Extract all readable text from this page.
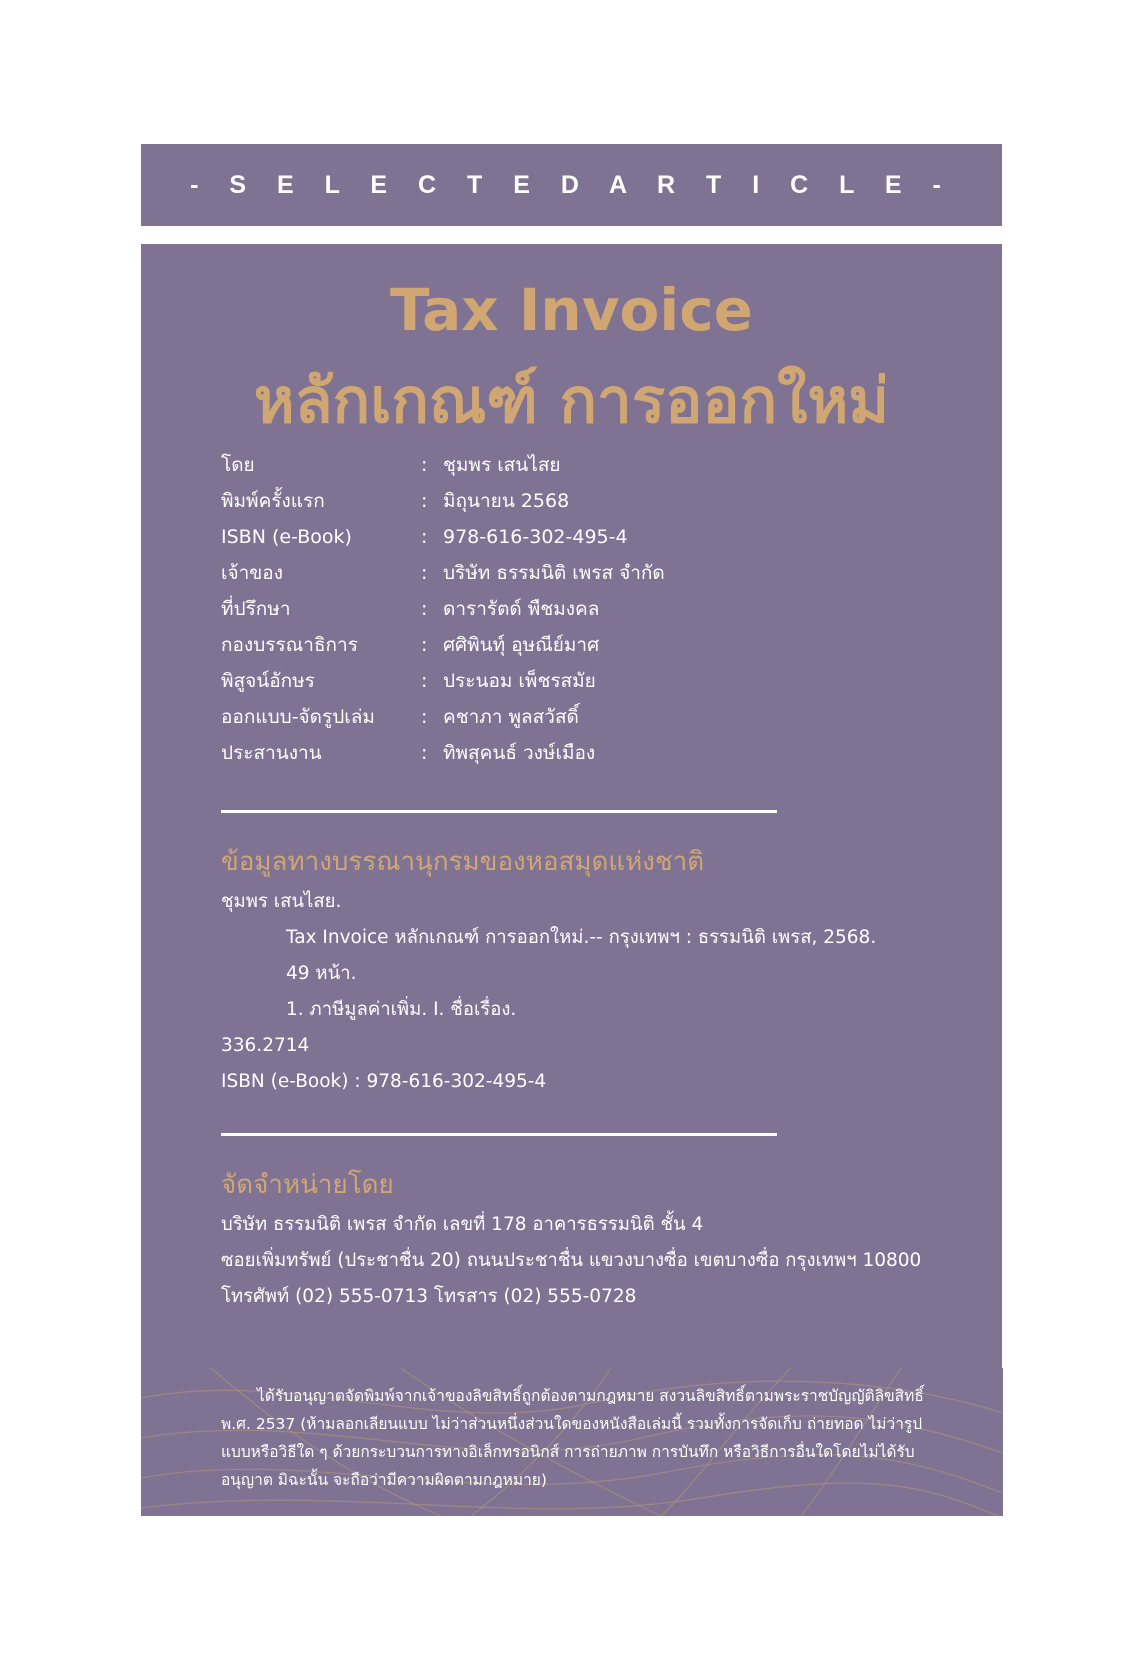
- S E L E C T E D A R T I C L E -
Tax Invoice
หลักเกณฑ์ การออกใหม่
โดย	: ชุมพร เสนไสย
พิมพ์ครั้งแรก	: มิถุนายน 2568
ISBN (e-Book)	: 978-616-302-495-4
เจ้าของ	: บริษัท ธรรมนิติ เพรส จำกัด
ที่ปรึกษา	: ดารารัตด์ พืชมงคล
กองบรรณาธิการ	: ศศิพินทุ์ อุษณีย์มาศ
พิสูจน์อักษร	: ประนอม เพ็ชรสมัย
ออกแบบ-จัดรูปเล่ม	: คชาภา พูลสวัสดิ์
ประสานงาน	: ทิพสุคนธ์ วงษ์เมือง
ข้อมูลทางบรรณานุกรมของหอสมุดแห่งชาติ
ชุมพร เสนไสย.
Tax Invoice หลักเกณฑ์ การออกใหม่.-- กรุงเทพฯ : ธรรมนิติ เพรส, 2568.
49 หน้า.
1. ภาษีมูลค่าเพิ่ม. I. ชื่อเรื่อง.
336.2714
ISBN (e-Book) : 978-616-302-495-4
จัดจำหน่ายโดย
บริษัท ธรรมนิติ เพรส จำกัด เลขที่ 178 อาคารธรรมนิติ ชั้น 4
ซอยเพิ่มทรัพย์ (ประชาชื่น 20) ถนนประชาชื่น แขวงบางซื่อ เขตบางซื่อ กรุงเทพฯ 10800
โทรศัพท์ (02) 555-0713 โทรสาร (02) 555-0728

ได้รับอนุญาตจัดพิมพ์จากเจ้าของลิขสิทธิ์ถูกต้องตามกฎหมาย สงวนลิขสิทธิ์ตามพระราชบัญญัติลิขสิทธิ์ พ.ศ. 2537 (ห้ามลอกเลียนแบบ ไม่ว่าส่วนหนึ่งส่วนใดของหนังสือเล่มนี้ รวมทั้งการจัดเก็บ ถ่ายทอด ไม่ว่ารูปแบบหรือวิธีใด ๆ ด้วยกระบวนการทางอิเล็กทรอนิกส์ การถ่ายภาพ การบันทึก หรือวิธีการอื่นใดโดยไม่ได้รับอนุญาต มิฉะนั้น จะถือว่ามีความผิดตามกฎหมาย)
